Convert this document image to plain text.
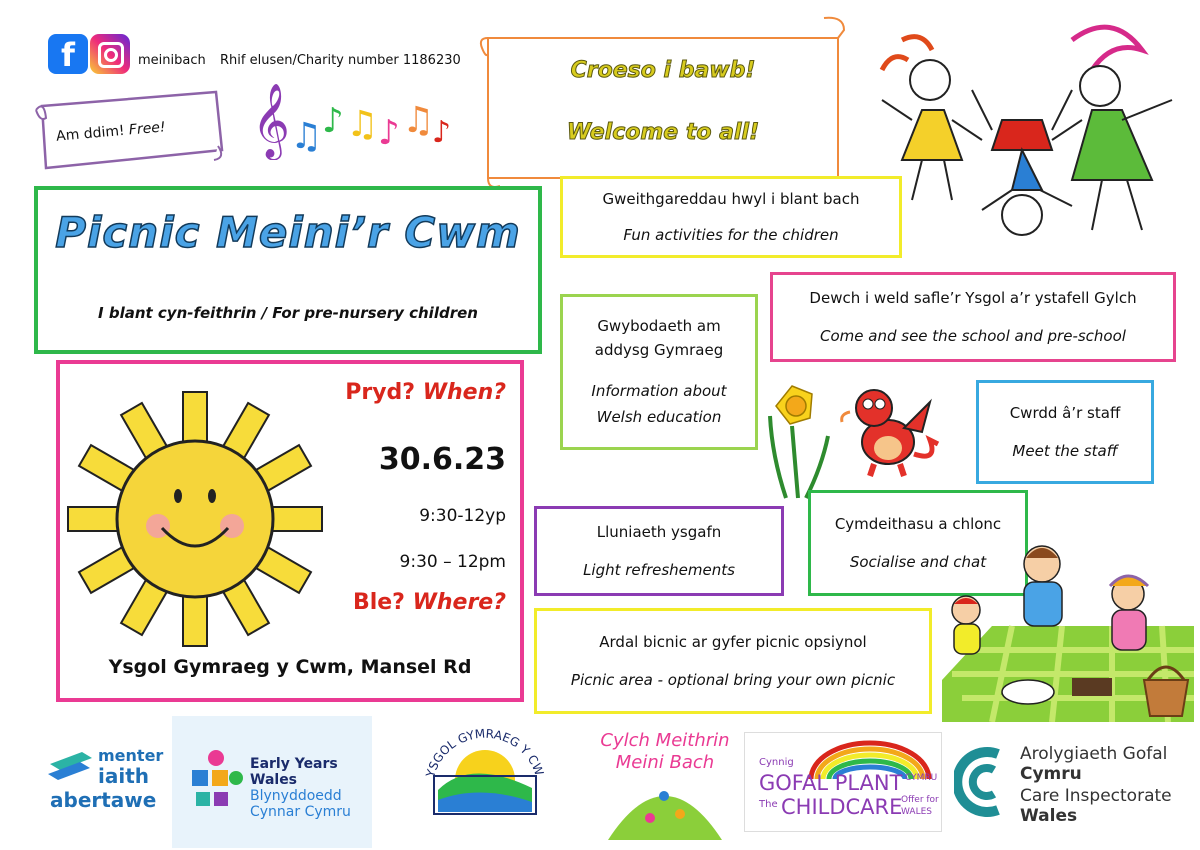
f	meinibach Rhif elusen/Charity number 1186230
Am ddim! Free! 𝄞 ♫ ♪ ♫ ♪ ♫
♪
Croeso i bawb!
Welcome to all!
Picnic Meini’r Cwm
I blant cyn-feithrin / For pre-nursery children
Pryd? When?
30.6.23
9:30-12yp
9:30 – 12pm
Ble? Where?
Ysgol Gymraeg y Cwm, Mansel Rd
Gweithgareddau hwyl i blant bach
Fun activities for the chidren
Dewch i weld safle’r Ysgol a’r ystafell Gylch
Come and see the school and pre-school
Gwybodaeth am
addysg Gymraeg
Information about
Welsh education	Cwrdd â’r staff
Meet the staff
Cymdeithasu a chlonc
Socialise and chat
Lluniaeth ysgafn
Light refreshements
Ardal bicnic ar gyfer picnic opsiynol
Picnic area - optional bring your own picnic
menter
iaith
abertawe
Early Years
Wales
Blynyddoedd
Cynnar Cymru
YSGOL GYMRAEG Y CW
Cylch Meithrin
Meini Bach	Cynnig
GOFAL PLANT CYMRU
The CHILDCARE
Offer for
WALES
Arolygiaeth Gofal
Cymru
Care Inspectorate
Wales
